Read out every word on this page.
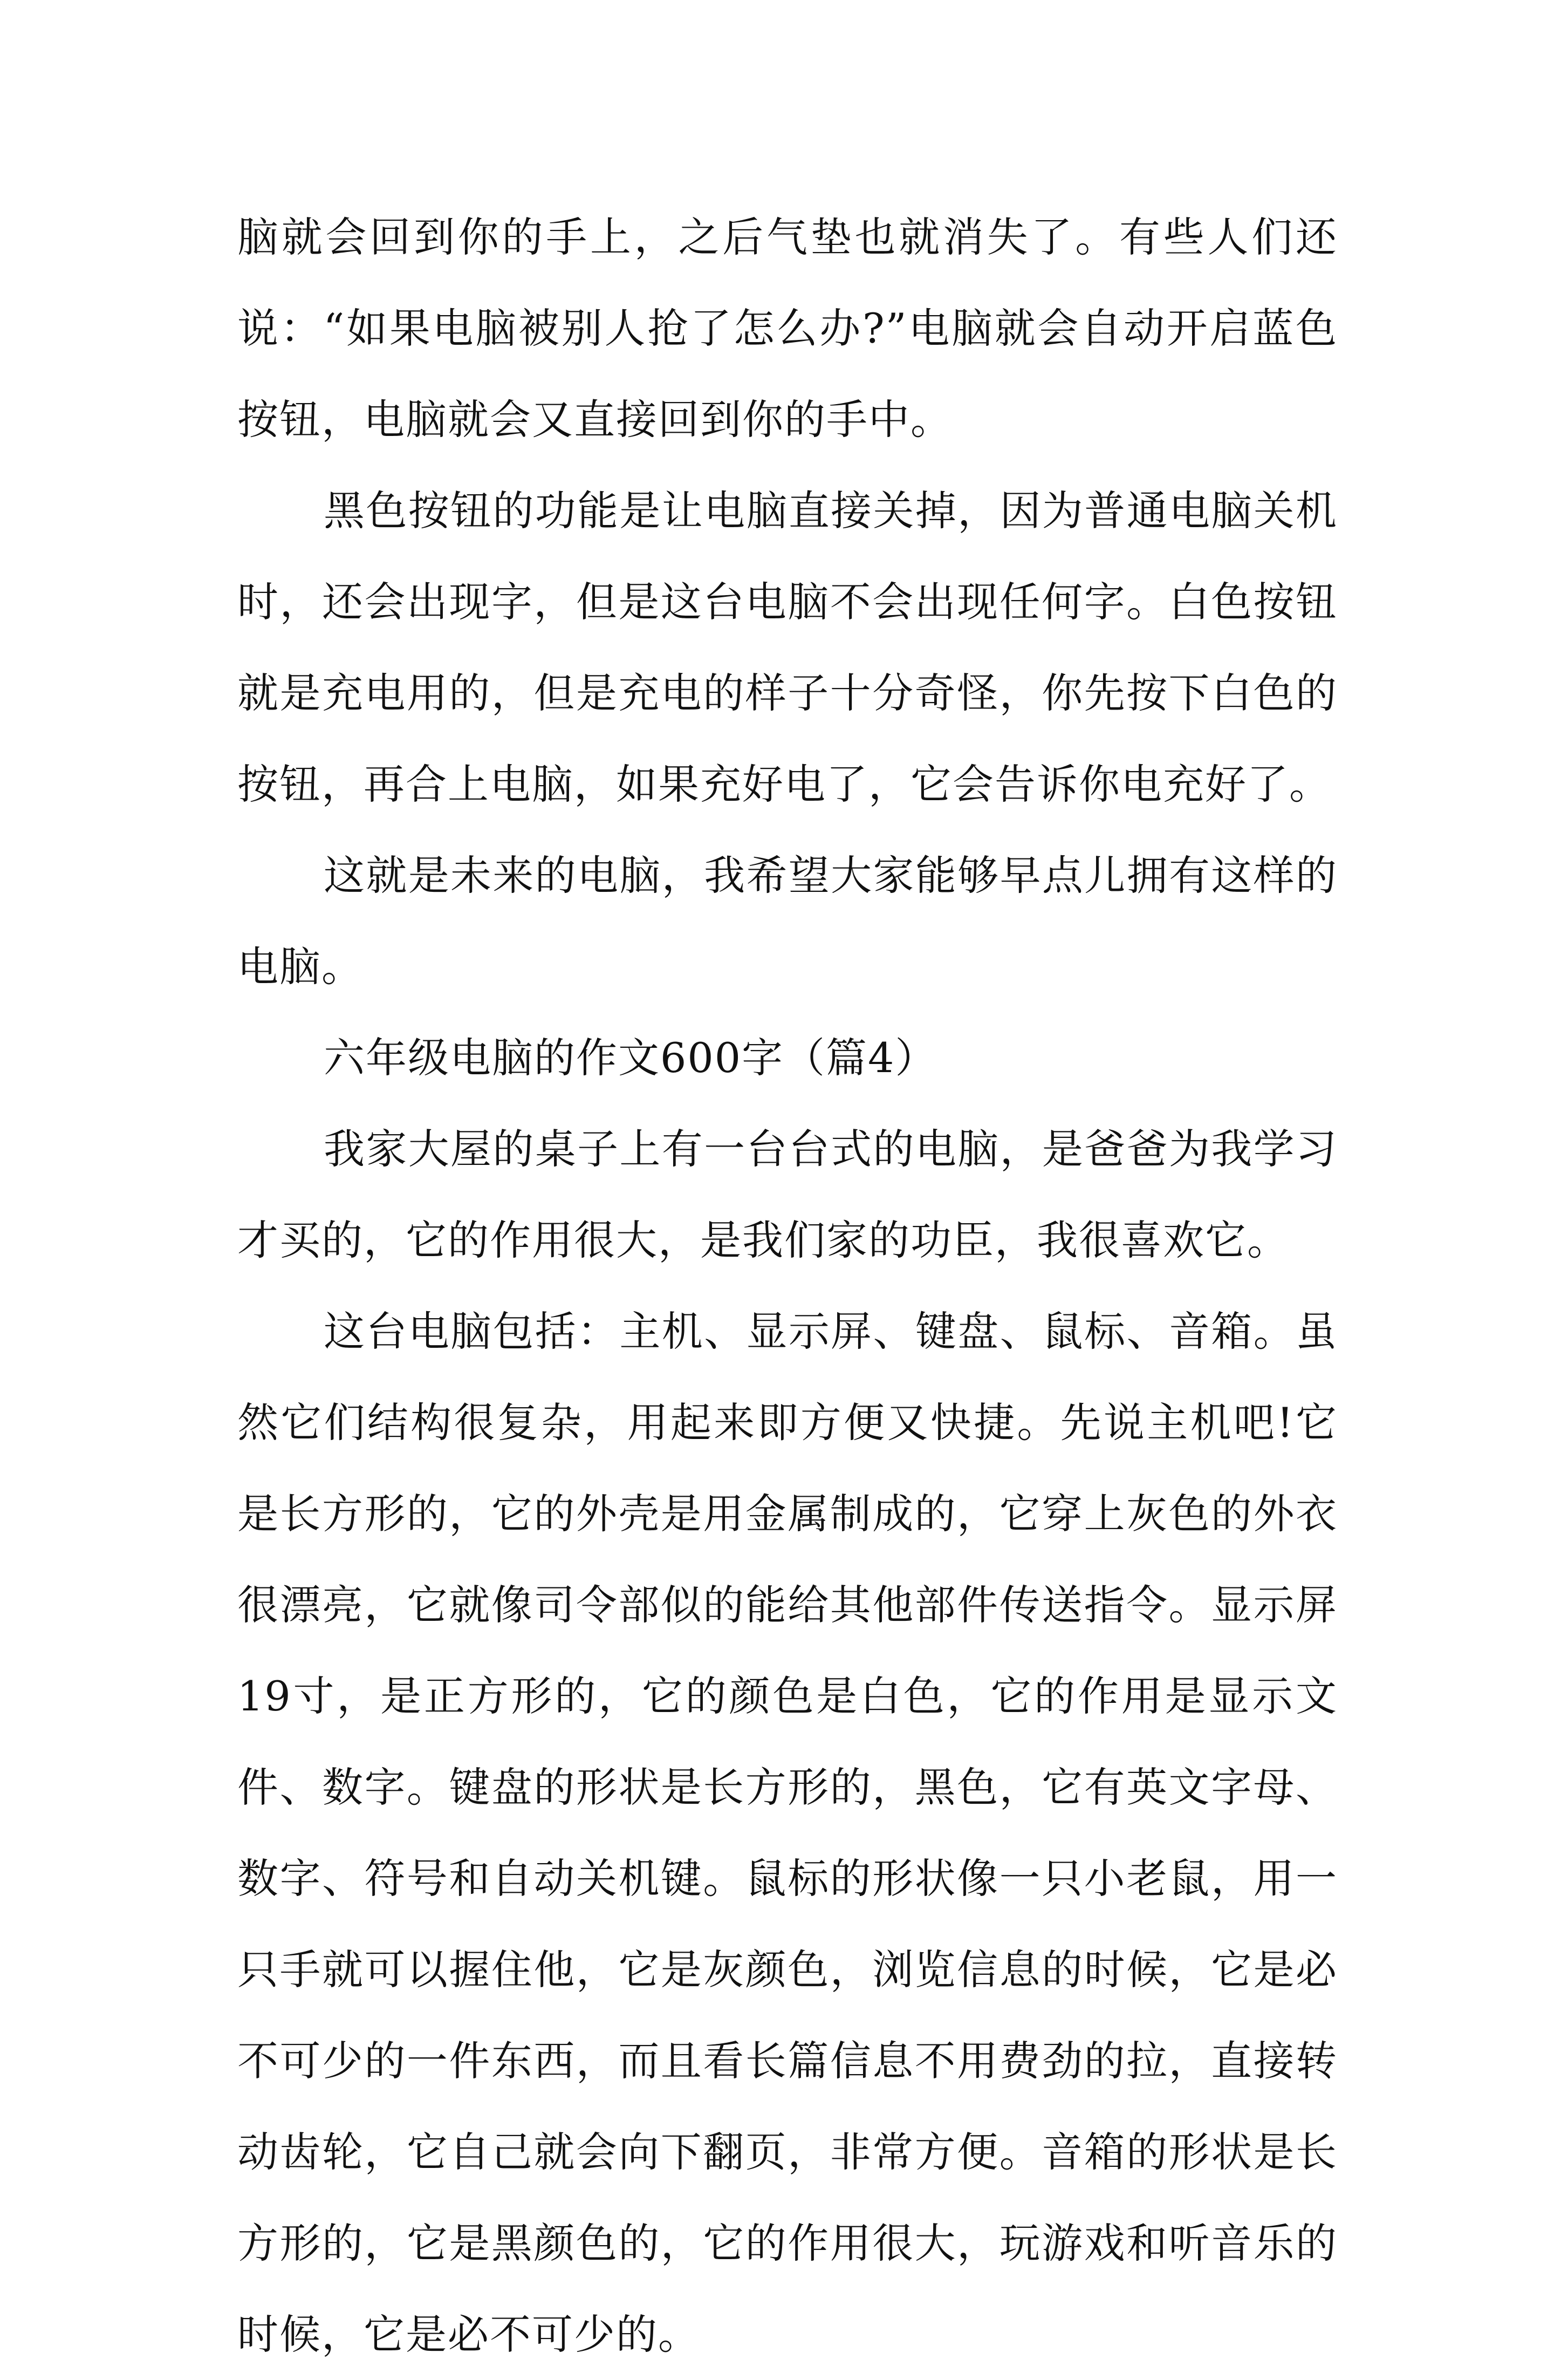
脑就会回到你的手上，之后气垫也就消失了。有些人们还说：“如果电脑被别人抢了怎么办?”电脑就会自动开启蓝色按钮，电脑就会又直接回到你的手中。

黑色按钮的功能是让电脑直接关掉，因为普通电脑关机时，还会出现字，但是这台电脑不会出现任何字。白色按钮就是充电用的，但是充电的样子十分奇怪，你先按下白色的按钮，再合上电脑，如果充好电了，它会告诉你电充好了。

这就是未来的电脑，我希望大家能够早点儿拥有这样的电脑。

六年级电脑的作文600字（篇4）

我家大屋的桌子上有一台台式的电脑，是爸爸为我学习才买的，它的作用很大，是我们家的功臣，我很喜欢它。

这台电脑包括：主机、显示屏、键盘、鼠标、音箱。虽然它们结构很复杂，用起来即方便又快捷。先说主机吧!它是长方形的，它的外壳是用金属制成的，它穿上灰色的外衣很漂亮，它就像司令部似的能给其他部件传送指令。显示屏19寸，是正方形的，它的颜色是白色，它的作用是显示文件、数字。键盘的形状是长方形的，黑色，它有英文字母、数字、符号和自动关机键。鼠标的形状像一只小老鼠，用一只手就可以握住他，它是灰颜色，浏览信息的时候，它是必不可少的一件东西，而且看长篇信息不用费劲的拉，直接转动齿轮，它自己就会向下翻页，非常方便。音箱的形状是长方形的，它是黑颜色的，它的作用很大，玩游戏和听音乐的时候，它是必不可少的。
